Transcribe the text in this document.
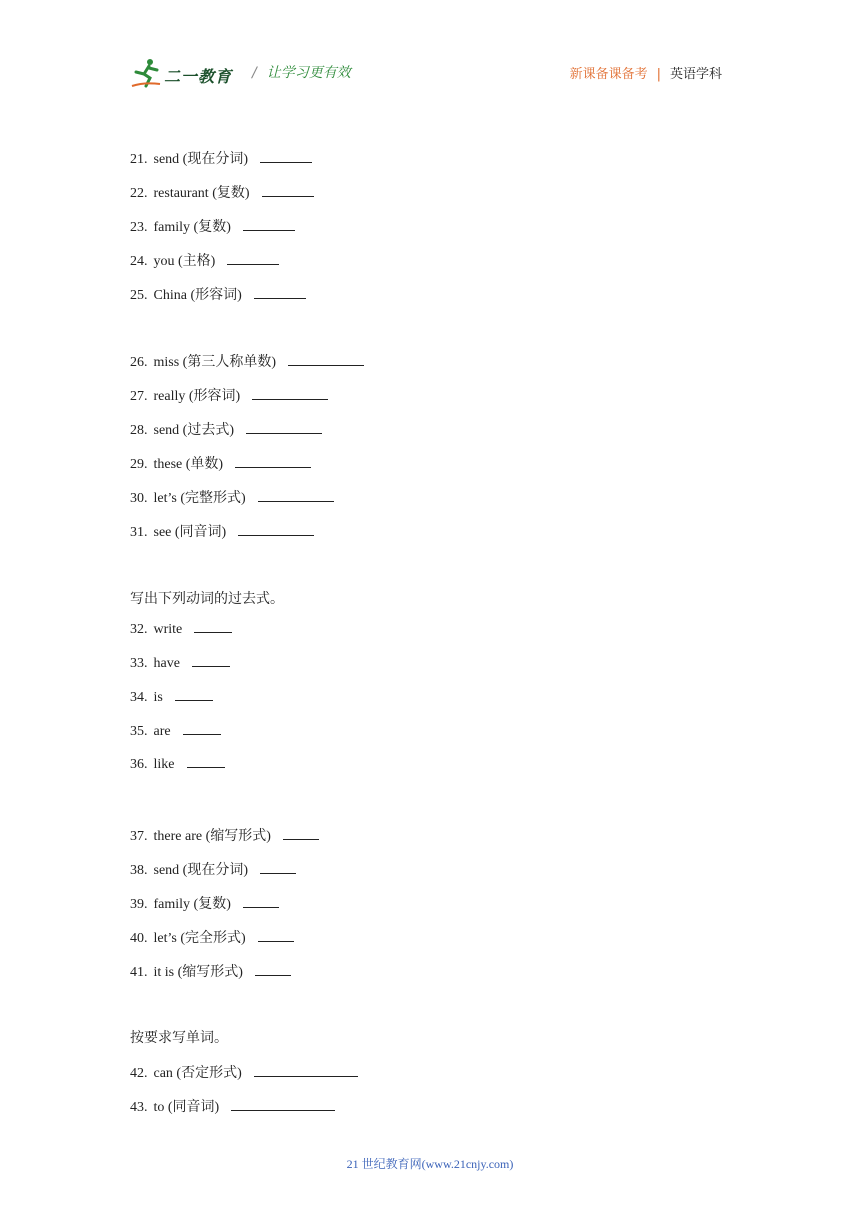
二一教育 / 让学习更有效	新课备课备考 | 英语学科
写出下列动词的过去式。
按要求写单词。
21. send (现在分词)
22. restaurant (复数)
23. family (复数)
24. you (主格)
25. China (形容词)
26. miss (第三人称单数)
27. really (形容词)
28. send (过去式)
29. these (单数)
30. let’s (完整形式)
31. see (同音词)
32. write
33. have
34. is
35. are
36. like
37. there are (缩写形式)
38. send (现在分词)
39. family (复数)
40. let’s (完全形式)
41. it is (缩写形式)
42. can (否定形式)
43. to (同音词)
21 世纪教育网(www.21cnjy.com)
